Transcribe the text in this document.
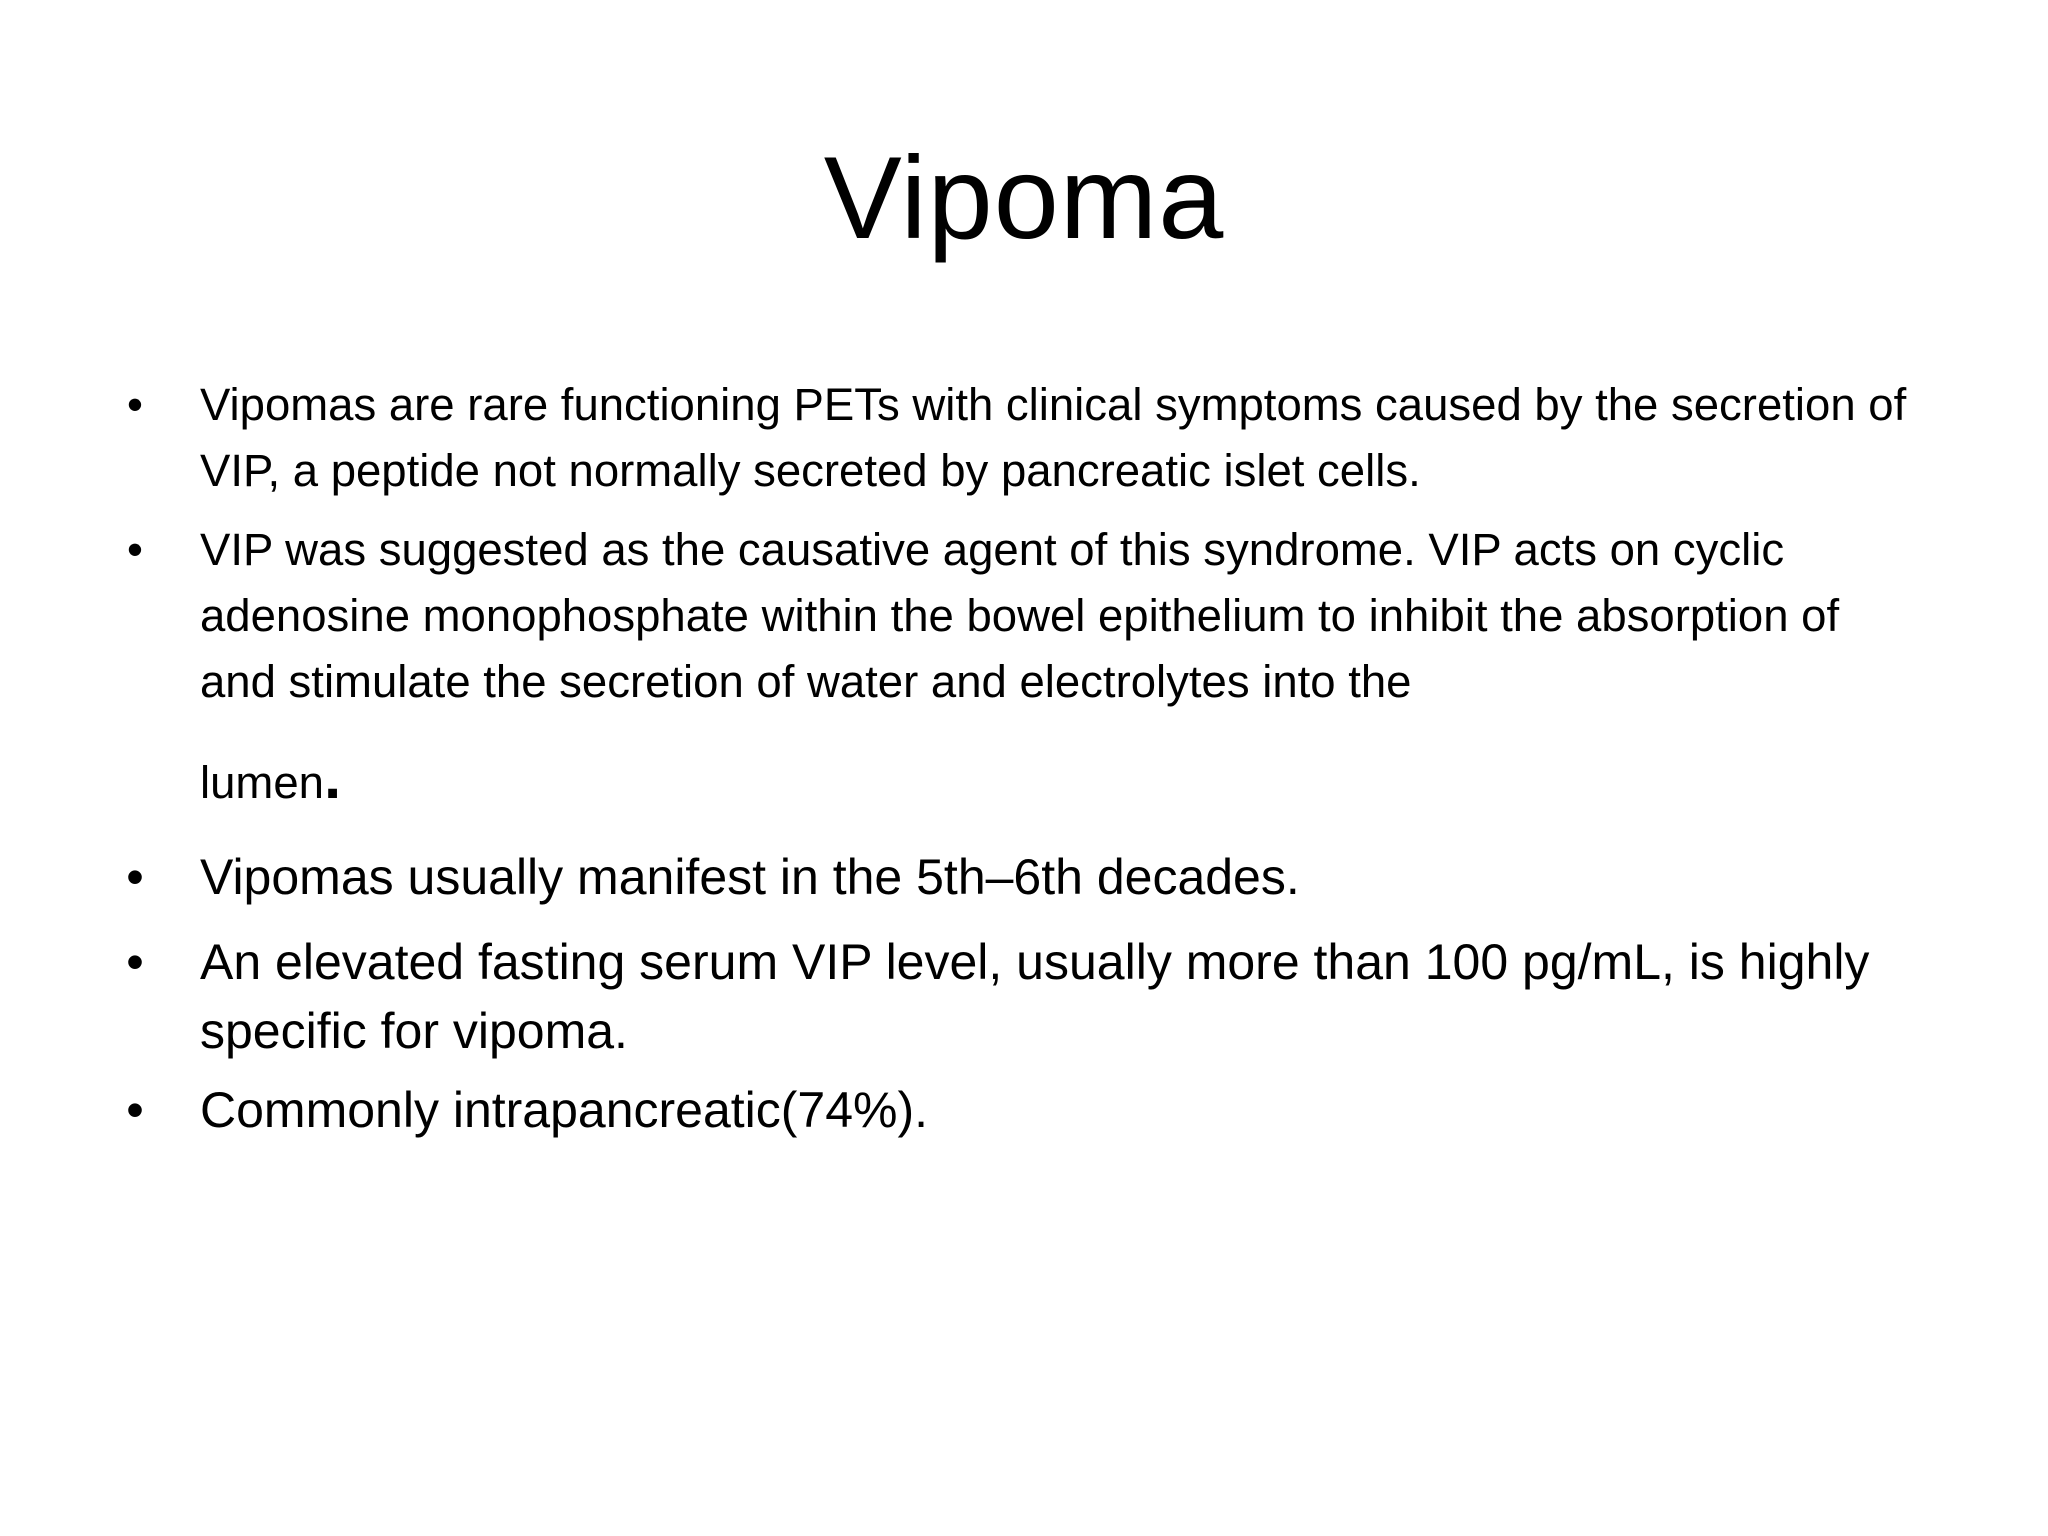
Vipoma
• Vipomas are rare functioning PETs with clinical symptoms caused by the secretion of VIP, a peptide not normally secreted by pancreatic islet cells.
• VIP was suggested as the causative agent of this syndrome. VIP acts on cyclic adenosine monophosphate within the bowel epithelium to inhibit the absorption of and stimulate the secretion of water and electrolytes into the
lumen.
• Vipomas usually manifest in the 5th–6th decades.
• An elevated fasting serum VIP level, usually more than 100 pg/mL, is highly specific for vipoma.
• Commonly intrapancreatic(74%).
